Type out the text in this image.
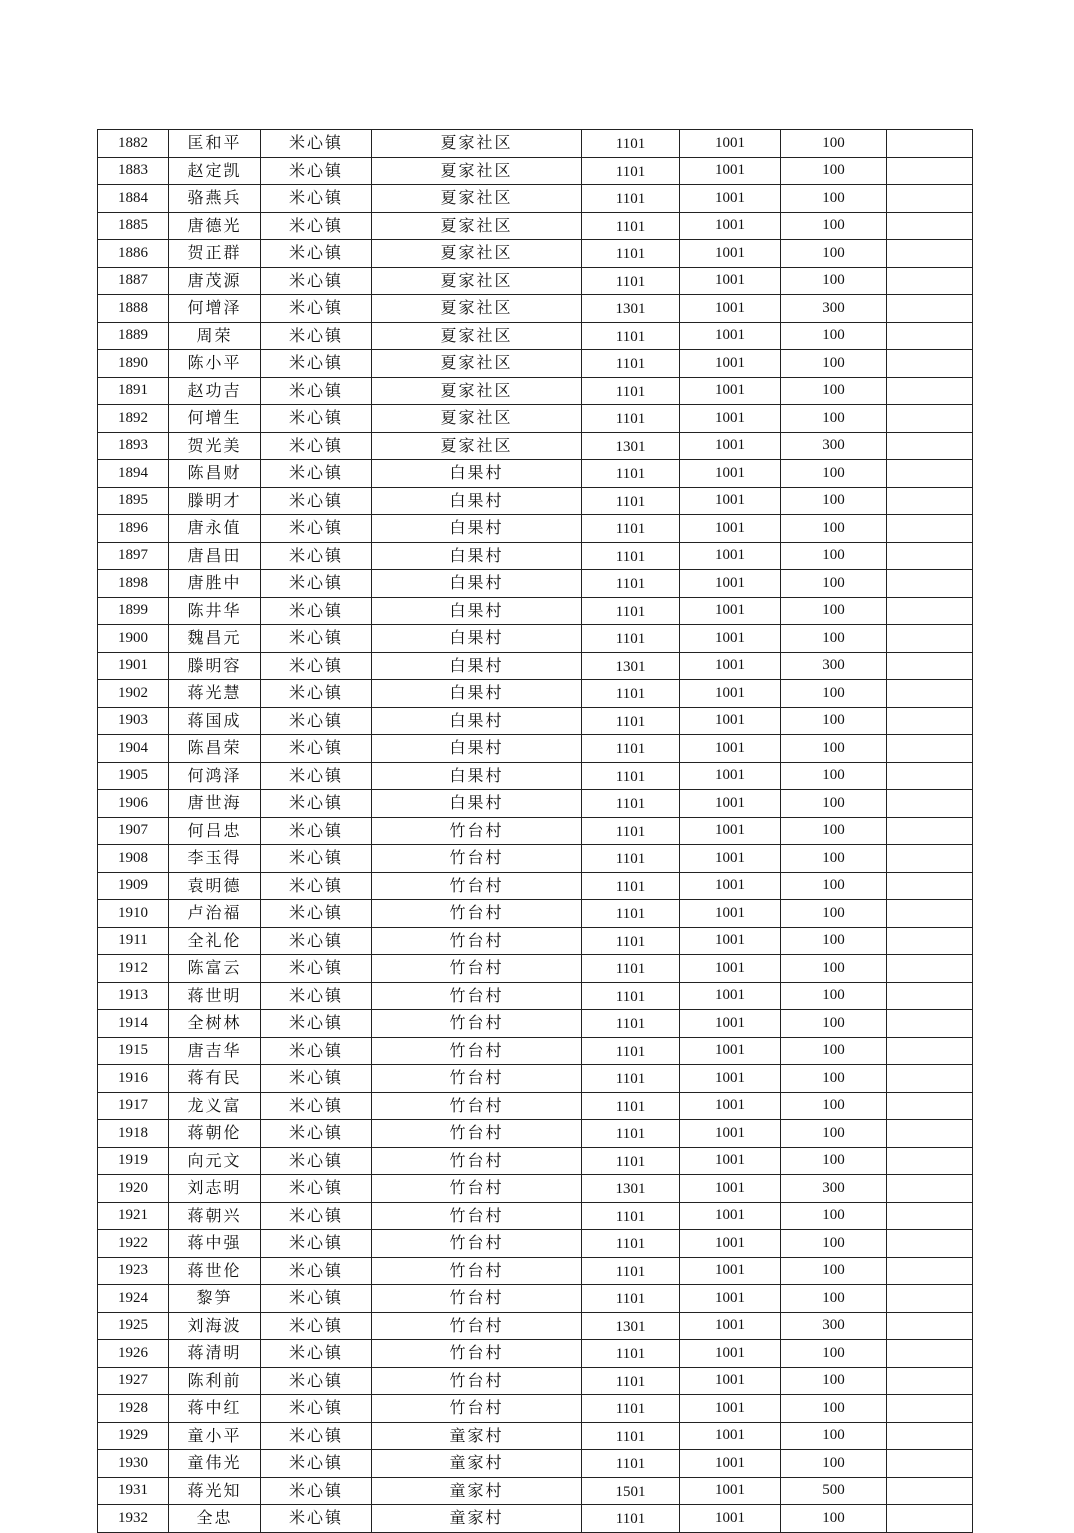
1882	匡和平	米心镇	夏家社区	1101	1001	100	
1883	赵定凯	米心镇	夏家社区	1101	1001	100	
1884	骆燕兵	米心镇	夏家社区	1101	1001	100	
1885	唐德光	米心镇	夏家社区	1101	1001	100	
1886	贺正群	米心镇	夏家社区	1101	1001	100	
1887	唐茂源	米心镇	夏家社区	1101	1001	100	
1888	何增泽	米心镇	夏家社区	1301	1001	300	
1889	周荣	米心镇	夏家社区	1101	1001	100	
1890	陈小平	米心镇	夏家社区	1101	1001	100	
1891	赵功吉	米心镇	夏家社区	1101	1001	100	
1892	何增生	米心镇	夏家社区	1101	1001	100	
1893	贺光美	米心镇	夏家社区	1301	1001	300	
1894	陈昌财	米心镇	白果村	1101	1001	100	
1895	滕明才	米心镇	白果村	1101	1001	100	
1896	唐永值	米心镇	白果村	1101	1001	100	
1897	唐昌田	米心镇	白果村	1101	1001	100	
1898	唐胜中	米心镇	白果村	1101	1001	100	
1899	陈井华	米心镇	白果村	1101	1001	100	
1900	魏昌元	米心镇	白果村	1101	1001	100	
1901	滕明容	米心镇	白果村	1301	1001	300	
1902	蒋光慧	米心镇	白果村	1101	1001	100	
1903	蒋国成	米心镇	白果村	1101	1001	100	
1904	陈昌荣	米心镇	白果村	1101	1001	100	
1905	何鸿泽	米心镇	白果村	1101	1001	100	
1906	唐世海	米心镇	白果村	1101	1001	100	
1907	何吕忠	米心镇	竹台村	1101	1001	100	
1908	李玉得	米心镇	竹台村	1101	1001	100	
1909	袁明德	米心镇	竹台村	1101	1001	100	
1910	卢治福	米心镇	竹台村	1101	1001	100	
1911	全礼伦	米心镇	竹台村	1101	1001	100	
1912	陈富云	米心镇	竹台村	1101	1001	100	
1913	蒋世明	米心镇	竹台村	1101	1001	100	
1914	全树林	米心镇	竹台村	1101	1001	100	
1915	唐吉华	米心镇	竹台村	1101	1001	100	
1916	蒋有民	米心镇	竹台村	1101	1001	100	
1917	龙义富	米心镇	竹台村	1101	1001	100	
1918	蒋朝伦	米心镇	竹台村	1101	1001	100	
1919	向元文	米心镇	竹台村	1101	1001	100	
1920	刘志明	米心镇	竹台村	1301	1001	300	
1921	蒋朝兴	米心镇	竹台村	1101	1001	100	
1922	蒋中强	米心镇	竹台村	1101	1001	100	
1923	蒋世伦	米心镇	竹台村	1101	1001	100	
1924	黎笋	米心镇	竹台村	1101	1001	100	
1925	刘海波	米心镇	竹台村	1301	1001	300	
1926	蒋清明	米心镇	竹台村	1101	1001	100	
1927	陈利前	米心镇	竹台村	1101	1001	100	
1928	蒋中红	米心镇	竹台村	1101	1001	100	
1929	童小平	米心镇	童家村	1101	1001	100	
1930	童伟光	米心镇	童家村	1101	1001	100	
1931	蒋光知	米心镇	童家村	1501	1001	500	
1932	全忠	米心镇	童家村	1101	1001	100	
